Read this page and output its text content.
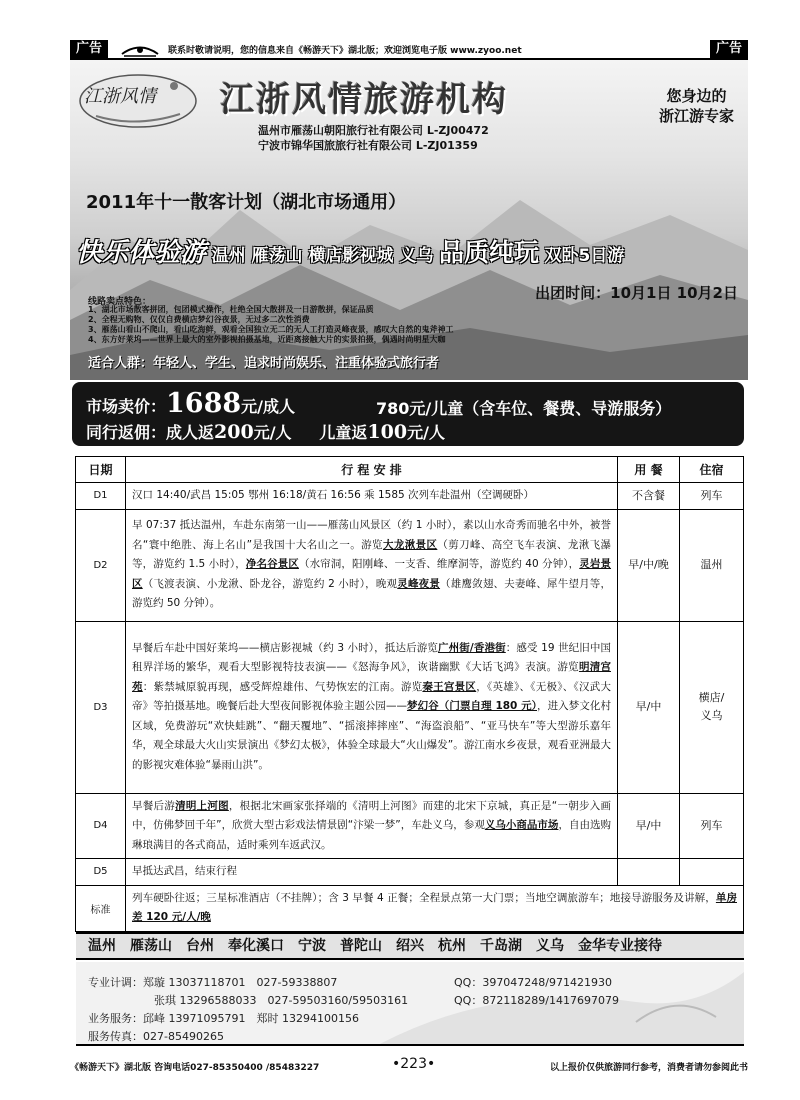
广告	联系时敬请说明，您的信息来自《畅游天下》湖北版；欢迎浏览电子版 www.zyoo.net	广告
江浙风情 江浙风情旅游机构	您身边的
浙江游专家
温州市雁荡山朝阳旅行社有限公司 L-ZJ00472
宁波市锦华国旅旅行社有限公司 L-ZJ01359
2011年十一散客计划（湖北市场通用）
快乐体验游 温州 雁荡山 横店影视城 义乌 品质纯玩 双卧5日游
出团时间：10月1日 10月2日
线路卖点特色：
1、湖北市场散客拼团，包团模式操作，杜绝全国大散拼及一日游散拼，保证品质
2、全程无购物、仅仅自费横店梦幻谷夜景，无过多二次性消费
3、雁荡山看山不爬山，看山吃海鲜，观看全国独立无二的无人工打造灵峰夜景，感叹大自然的鬼斧神工
4、东方好莱坞——世界上最大的室外影视拍摄基地，近距离接触大片的实景拍摄，偶遇时尚明星大咖
适合人群：年轻人、学生、追求时尚娱乐、注重体验式旅行者
市场卖价：1688元/成人	780元/儿童（含车位、餐费、导游服务）
同行返佣：成人返200元/人 儿童返100元/人
日期	行 程 安 排	用 餐	住宿
D1	汉口 14:40/武昌 15:05 鄂州 16:18/黄石 16:56 乘 1585 次列车赴温州（空调硬卧）	不含餐	列车
D2	早 07:37 抵达温州，车赴东南第一山——雁荡山风景区（约 1 小时），素以山水奇秀而驰名中外，被誉名“寰中绝胜、海上名山”是我国十大名山之一。游览大龙湫景区（剪刀峰、高空飞车表演、龙湫飞瀑等，游览约 1.5 小时），净名谷景区（水帘洞，阳刚峰、一支香、维摩洞等，游览约 40 分钟），灵岩景区（飞渡表演、小龙湫、卧龙谷，游览约 2 小时），晚观灵峰夜景（雄鹰敛翅、夫妻峰、犀牛望月等，游览约 50 分钟）。	早/中/晚	温州
D3	早餐后车赴中国好莱坞——横店影视城（约 3 小时），抵达后游览广州街/香港街：感受 19 世纪旧中国租界洋场的繁华，观看大型影视特技表演——《怒海争风》，诙谐幽默《大话飞鸿》表演。游览明清宫苑：紫禁城原貌再现，感受辉煌雄伟、气势恢宏的江南。游览秦王宫景区，《英雄》、《无极》、《汉武大帝》等拍摄基地。晚餐后赴大型夜间影视体验主题公园——梦幻谷（门票自理 180 元），进入梦文化村区域，免费游玩“欢快蛙跳”、“翻天覆地”、“摇滚摔摔座”、“海盗浪船”、“亚马快车”等大型游乐嘉年华，观全球最大火山实景演出《梦幻太极》，体验全球最大“火山爆发”。游江南水乡夜景，观看亚洲最大的影视灾难体验“暴雨山洪”。	早/中	横店/
义乌

D4	早餐后游清明上河图，根据北宋画家张择端的《清明上河图》而建的北宋下京城，真正是“一朝步入画中，仿佛梦回千年”，欣赏大型古彩戏法情景剧“汴梁一梦”，车赴义乌，参观义乌小商品市场，自由选购琳琅满目的各式商品，适时乘列车返武汉。	早/中	列车
D5	早抵达武昌，结束行程		
标准	列车硬卧往返；三星标准酒店（不挂牌）；含 3 早餐 4 正餐；全程景点第一大门票；当地空调旅游车；地接导游服务及讲解，单房差 120 元/人/晚		
温州　雁荡山　台州　奉化溪口　宁波　普陀山　绍兴　杭州　千岛湖　义乌　金华专业接待
专业计调：郑璇 13037118701　027-59338807
张琪 13296588033　027-59503160/59503161
业务服务：邱峰 13971095791　郑时 13294100156
服务传真：027-85490265
QQ：397047248/971421930
QQ：872118289/1417697079
《畅游天下》湖北版 咨询电话027-85350400 /85483227	•223•	以上报价仅供旅游同行参考，消费者请勿参阅此书
